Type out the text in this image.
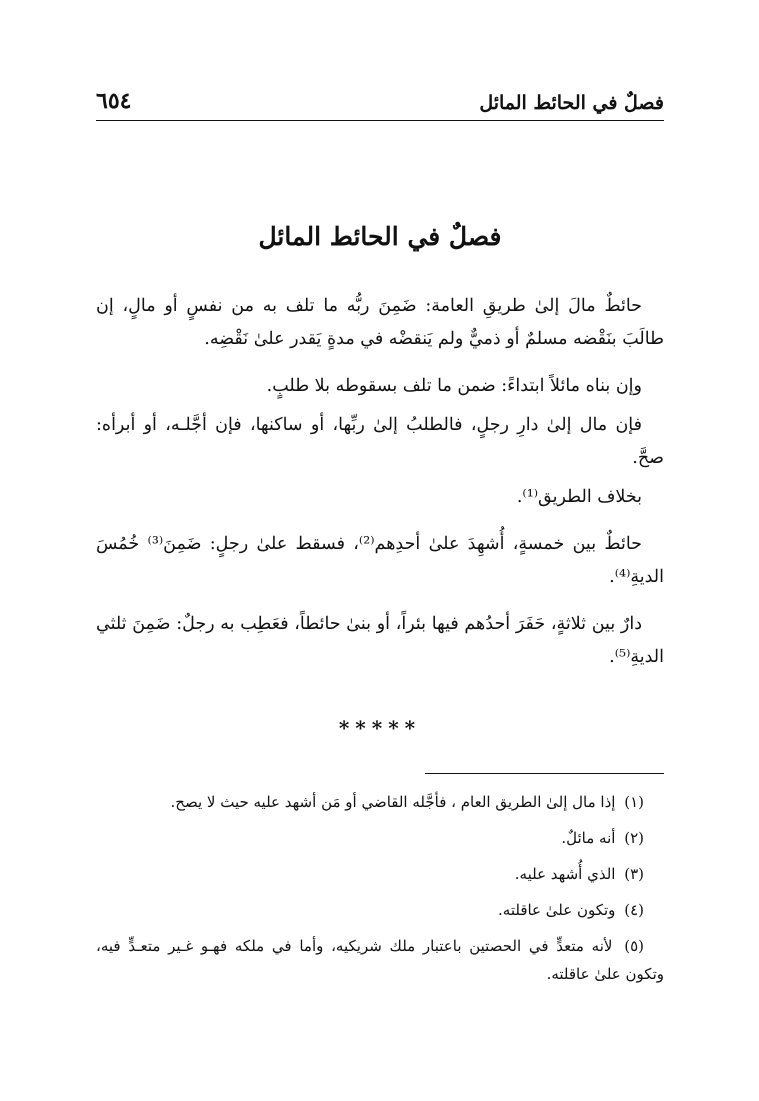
فصلٌ في الحائط المائل
٦٥٤
فصلٌ في الحائط المائل

حائطٌ مالَ إلىٰ طريقِ العامة: ضَمِنَ ربُّه ما تلف به من نفسٍ أو مالٍ، إن طالَبَ بنَقْضه مسلمٌ أو ذميٌّ ولم يَنقضْه في مدةٍ يَقدر علىٰ نَقْضِه.

وإن بناه مائلاً ابتداءً: ضمن ما تلف بسقوطه بلا طلبٍ.

فإن مال إلىٰ دارِ رجلٍ، فالطلبُ إلىٰ ربِّها، أو ساكنها، فإن أجَّلـه، أو أبرأه: صحَّ.

بخلاف الطريق⁽¹⁾.

حائطٌ بين خمسةٍ، أُشهِدَ علىٰ أحدِهم⁽²⁾، فسقط علىٰ رجلٍ: ضَمِنَ⁽³⁾ خُمُسَ الديةِ⁽⁴⁾.

دارٌ بين ثلاثةٍ، حَفَرَ أحدُهم فيها بئراً، أو بنىٰ حائطاً، فعَطِب به رجلٌ: ضَمِنَ ثلثي الديةِ⁽⁵⁾.

*****

(١) إذا مال إلىٰ الطريق العام ، فأجَّله القاضي أو مَن أشهد عليه حيث لا يصح.

(٢) أنه مائلٌ.

(٣) الذي أُشهد عليه.

(٤) وتكون علىٰ عاقلته.

(٥) لأنه متعدٍّ في الحصتين باعتبار ملك شريكيه، وأما في ملكه فهـو غـير متعـدٍّ فيه، وتكون علىٰ عاقلته.
